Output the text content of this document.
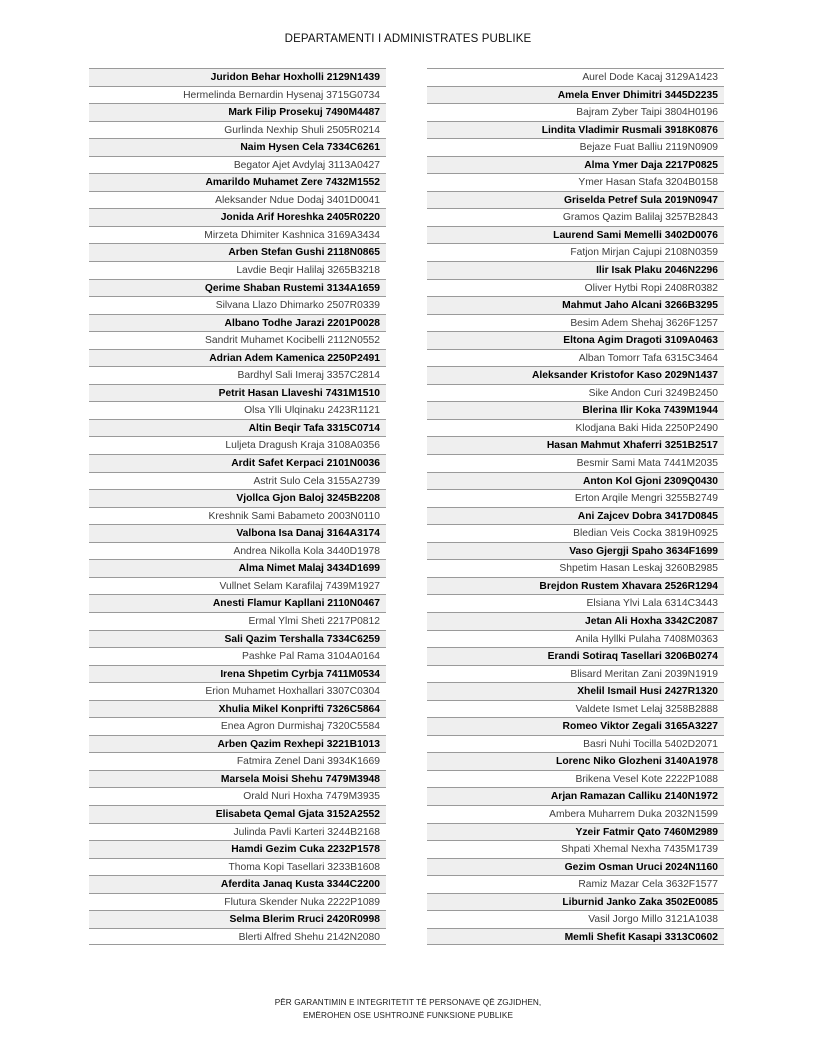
DEPARTAMENTI I ADMINISTRATES PUBLIKE
Juridon Behar Hoxholli 2129N1439
Hermelinda Bernardin Hysenaj 3715G0734
Mark Filip Prosekuj 7490M4487
Gurlinda Nexhip Shuli 2505R0214
Naim Hysen Cela 7334C6261
Begator Ajet Avdylaj 3113A0427
Amarildo Muhamet Zere 7432M1552
Aleksander Ndue Dodaj 3401D0041
Jonida Arif Horeshka 2405R0220
Mirzeta Dhimiter Kashnica 3169A3434
Arben Stefan Gushi 2118N0865
Lavdie Beqir Halilaj 3265B3218
Qerime Shaban Rustemi 3134A1659
Silvana Llazo Dhimarko 2507R0339
Albano Todhe Jarazi 2201P0028
Sandrit Muhamet Kocibelli 2112N0552
Adrian Adem Kamenica 2250P2491
Bardhyl Sali Imeraj 3357C2814
Petrit Hasan Llaveshi 7431M1510
Olsa Ylli Ulqinaku 2423R1121
Altin Beqir Tafa 3315C0714
Luljeta Dragush Kraja 3108A0356
Ardit Safet Kerpaci 2101N0036
Astrit Sulo Cela 3155A2739
Vjollca Gjon Baloj 3245B2208
Kreshnik Sami Babameto 2003N0110
Valbona Isa Danaj 3164A3174
Andrea Nikolla Kola 3440D1978
Alma Nimet Malaj 3434D1699
Vullnet Selam Karafilaj 7439M1927
Anesti Flamur Kapllani 2110N0467
Ermal Ylmi Sheti 2217P0812
Sali Qazim Tershalla 7334C6259
Pashke Pal Rama 3104A0164
Irena Shpetim Cyrbja 7411M0534
Erion Muhamet Hoxhallari 3307C0304
Xhulia Mikel Konprifti 7326C5864
Enea Agron Durmishaj 7320C5584
Arben Qazim Rexhepi 3221B1013
Fatmira Zenel Dani 3934K1669
Marsela Moisi Shehu 7479M3948
Orald Nuri Hoxha 7479M3935
Elisabeta Qemal Gjata 3152A2552
Julinda Pavli Karteri 3244B2168
Hamdi Gezim Cuka 2232P1578
Thoma Kopi Tasellari 3233B1608
Aferdita Janaq Kusta 3344C2200
Flutura Skender Nuka 2222P1089
Selma Blerim Rruci 2420R0998
Blerti Alfred Shehu 2142N2080
Aurel Dode Kacaj 3129A1423
Amela Enver Dhimitri 3445D2235
Bajram Zyber Taipi 3804H0196
Lindita Vladimir Rusmali 3918K0876
Bejaze Fuat Balliu 2119N0909
Alma Ymer Daja 2217P0825
Ymer Hasan Stafa 3204B0158
Griselda Petref Sula 2019N0947
Gramos Qazim Balilaj 3257B2843
Laurend Sami Memelli 3402D0076
Fatjon Mirjan Cajupi 2108N0359
Ilir Isak Plaku 2046N2296
Oliver Hytbi Ropi 2408R0382
Mahmut Jaho Alcani 3266B3295
Besim Adem Shehaj 3626F1257
Eltona Agim Dragoti 3109A0463
Alban Tomorr Tafa 6315C3464
Aleksander Kristofor Kaso 2029N1437
Sike Andon Curi 3249B2450
Blerina Ilir Koka 7439M1944
Klodjana Baki Hida 2250P2490
Hasan Mahmut Xhaferri 3251B2517
Besmir Sami Mata 7441M2035
Anton Kol Gjoni 2309Q0430
Erton Arqile Mengri 3255B2749
Ani Zajcev Dobra 3417D0845
Bledian Veis Cocka 3819H0925
Vaso Gjergji Spaho 3634F1699
Shpetim Hasan Leskaj 3260B2985
Brejdon Rustem Xhavara 2526R1294
Elsiana Ylvi Lala 6314C3443
Jetan Ali Hoxha 3342C2087
Anila Hyllki Pulaha 7408M0363
Erandi Sotiraq Tasellari 3206B0274
Blisard Meritan Zani 2039N1919
Xhelil Ismail Husi 2427R1320
Valdete Ismet Lelaj 3258B2888
Romeo Viktor Zegali 3165A3227
Basri Nuhi Tocilla 5402D2071
Lorenc Niko Glozheni 3140A1978
Brikena Vesel Kote 2222P1088
Arjan Ramazan Calliku 2140N1972
Ambera Muharrem Duka 2032N1599
Yzeir Fatmir Qato 7460M2989
Shpati Xhemal Nexha 7435M1739
Gezim Osman Uruci 2024N1160
Ramiz Mazar Cela 3632F1577
Liburnid Janko Zaka 3502E0085
Vasil Jorgo Millo 3121A1038
Memli Shefit Kasapi 3313C0602
PËR GARANTIMIN E INTEGRITETIT TË PERSONAVE QË ZGJIDHEN,
EMËROHEN OSE USHTROJNË FUNKSIONE PUBLIKE
